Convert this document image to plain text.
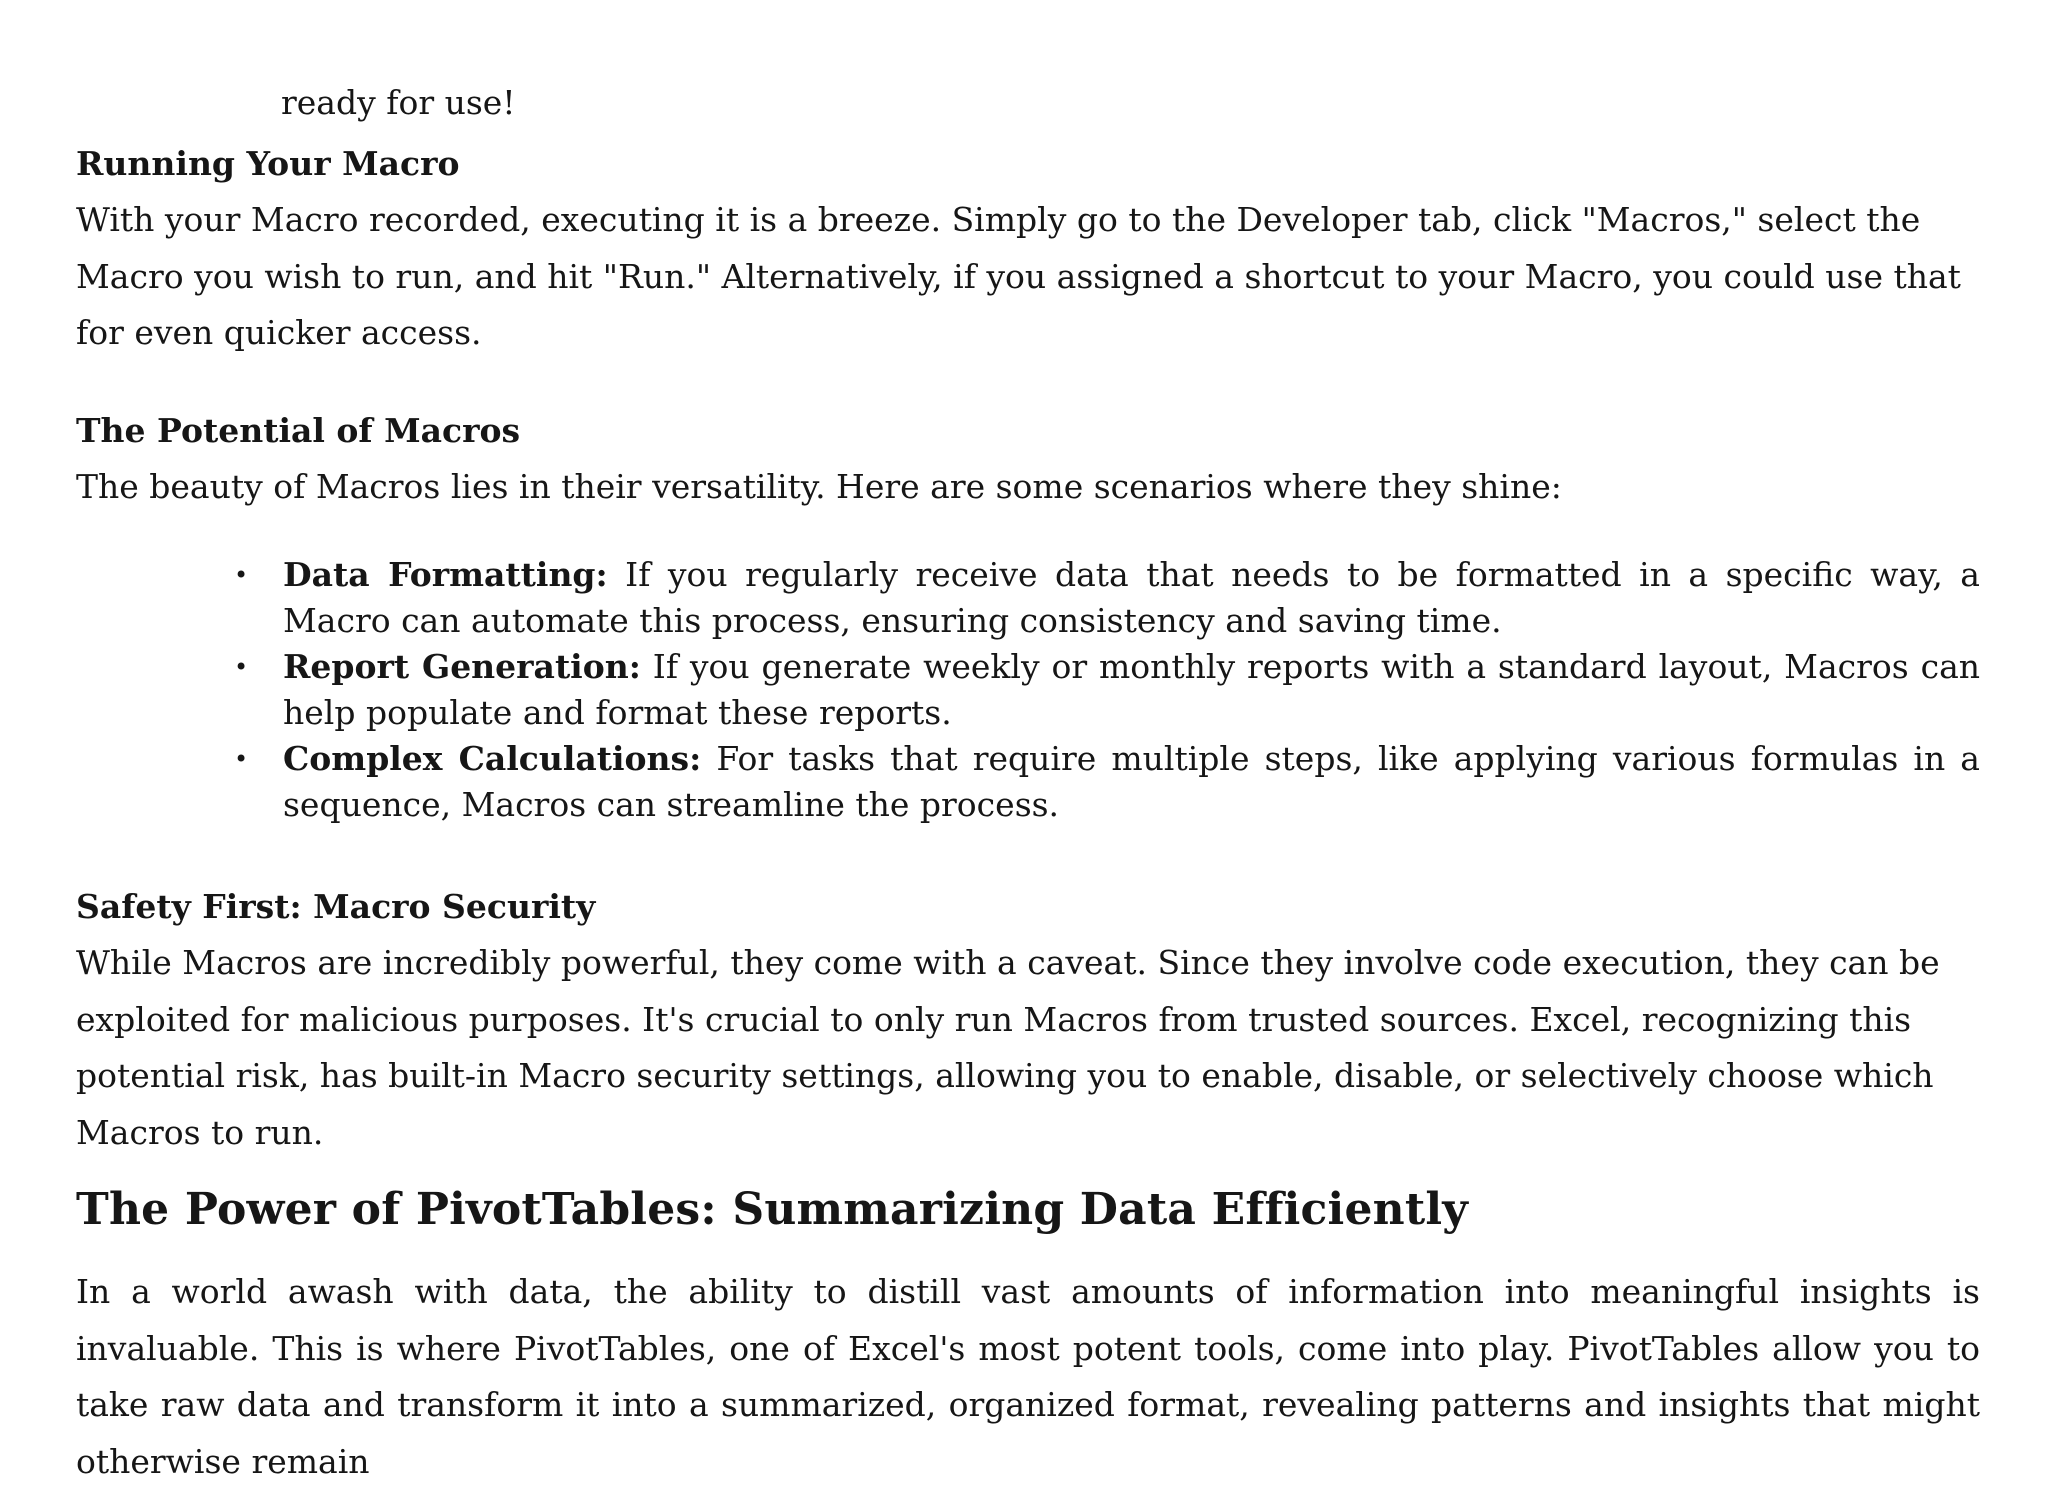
ready for use!

Running Your Macro

With your Macro recorded, executing it is a breeze. Simply go to the Developer tab, click "Macros," select the Macro you wish to run, and hit "Run." Alternatively, if you assigned a shortcut to your Macro, you could use that for even quicker access.

The Potential of Macros

The beauty of Macros lies in their versatility. Here are some scenarios where they shine:

• Data Formatting: If you regularly receive data that needs to be formatted in a specific way, a Macro can automate this process, ensuring consistency and saving time.
• Report Generation: If you generate weekly or monthly reports with a standard layout, Macros can help populate and format these reports.
• Complex Calculations: For tasks that require multiple steps, like applying various formulas in a sequence, Macros can streamline the process.
Safety First: Macro Security

While Macros are incredibly powerful, they come with a caveat. Since they involve code execution, they can be exploited for malicious purposes. It's crucial to only run Macros from trusted sources. Excel, recognizing this potential risk, has built-in Macro security settings, allowing you to enable, disable, or selectively choose which Macros to run.

The Power of PivotTables: Summarizing Data Efficiently

In a world awash with data, the ability to distill vast amounts of information into meaningful insights is invaluable. This is where PivotTables, one of Excel's most potent tools, come into play. PivotTables allow you to take raw data and transform it into a summarized, organized format, revealing patterns and insights that might otherwise remain
